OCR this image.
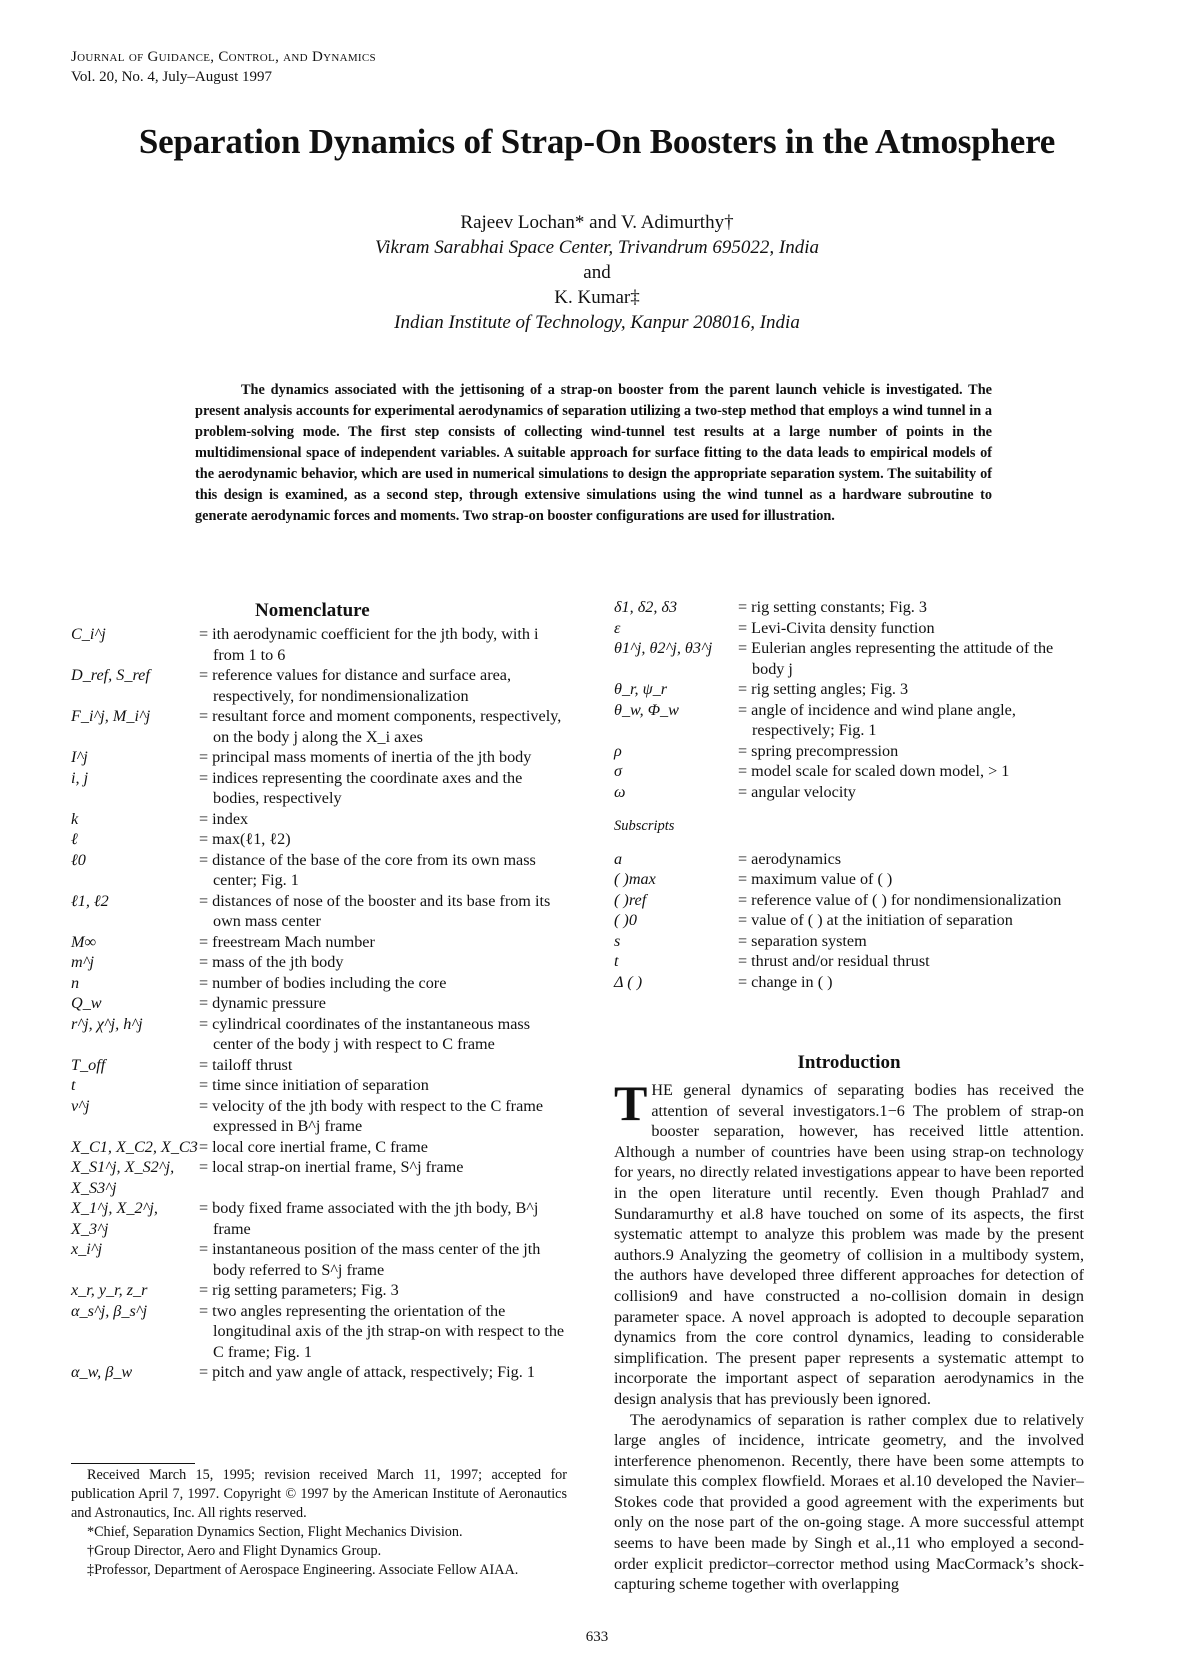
Journal of Guidance, Control, and Dynamics
Vol. 20, No. 4, July–August 1997
Separation Dynamics of Strap-On Boosters in the Atmosphere
Rajeev Lochan* and V. Adimurthy†
Vikram Sarabhai Space Center, Trivandrum 695022, India
and
K. Kumar‡
Indian Institute of Technology, Kanpur 208016, India
The dynamics associated with the jettisoning of a strap-on booster from the parent launch vehicle is investigated. The present analysis accounts for experimental aerodynamics of separation utilizing a two-step method that employs a wind tunnel in a problem-solving mode. The first step consists of collecting wind-tunnel test results at a large number of points in the multidimensional space of independent variables. A suitable approach for surface fitting to the data leads to empirical models of the aerodynamic behavior, which are used in numerical simulations to design the appropriate separation system. The suitability of this design is examined, as a second step, through extensive simulations using the wind tunnel as a hardware subroutine to generate aerodynamic forces and moments. Two strap-on booster configurations are used for illustration.
Nomenclature
C_i^j	= ith aerodynamic coefficient for the jth body, with i from 1 to 6
D_ref, S_ref	= reference values for distance and surface area, respectively, for nondimensionalization
F_i^j, M_i^j	= resultant force and moment components, respectively, on the body j along the X_i axes
I^j	= principal mass moments of inertia of the jth body
i, j	= indices representing the coordinate axes and the bodies, respectively
k	= index
ℓ	= max(ℓ1, ℓ2)
ℓ0	= distance of the base of the core from its own mass center; Fig. 1
ℓ1, ℓ2	= distances of nose of the booster and its base from its own mass center
M∞	= freestream Mach number
m^j	= mass of the jth body
n	= number of bodies including the core
Q_w	= dynamic pressure
r^j, χ^j, h^j	= cylindrical coordinates of the instantaneous mass center of the body j with respect to C frame
T_off	= tailoff thrust
t	= time since initiation of separation
v^j	= velocity of the jth body with respect to the C frame expressed in B^j frame
X_C1, X_C2, X_C3 = local core inertial frame, C frame
X_S1^j, X_S2^j, X_S3^j
= local strap-on inertial frame, S^j frame
X_1^j, X_2^j, X_3^j
= body fixed frame associated with the jth body, B^j frame
x_i^j	= instantaneous position of the mass center of the jth body referred to S^j frame
x_r, y_r, z_r	= rig setting parameters; Fig. 3
α_s^j, β_s^j	= two angles representing the orientation of the longitudinal axis of the jth strap-on with respect to the C frame; Fig. 1
α_w, β_w	= pitch and yaw angle of attack, respectively; Fig. 1
δ1, δ2, δ3	= rig setting constants; Fig. 3
ε	= Levi-Civita density function
θ1^j, θ2^j, θ3^j	= Eulerian angles representing the attitude of the body j
θ_r, ψ_r	= rig setting angles; Fig. 3
θ_w, Φ_w	= angle of incidence and wind plane angle, respectively; Fig. 1
ρ	= spring precompression
σ	= model scale for scaled down model, > 1
ω	= angular velocity
Subscripts
a	= aerodynamics
( )max	= maximum value of ( )
( )ref	= reference value of ( ) for nondimensionalization
( )0	= value of ( ) at the initiation of separation
s	= separation system
t	= thrust and/or residual thrust
Δ ( )	= change in ( )

Received March 15, 1995; revision received March 11, 1997; accepted for publication April 7, 1997. Copyright © 1997 by the American Institute of Aeronautics and Astronautics, Inc. All rights reserved.

*Chief, Separation Dynamics Section, Flight Mechanics Division.

†Group Director, Aero and Flight Dynamics Group.

‡Professor, Department of Aerospace Engineering. Associate Fellow AIAA.

Introduction

THE general dynamics of separating bodies has received the attention of several investigators.1−6 The problem of strap-on booster separation, however, has received little attention. Although a number of countries have been using strap-on technology for years, no directly related investigations appear to have been reported in the open literature until recently. Even though Prahlad7 and Sundaramurthy et al.8 have touched on some of its aspects, the first systematic attempt to analyze this problem was made by the present authors.9 Analyzing the geometry of collision in a multibody system, the authors have developed three different approaches for detection of collision9 and have constructed a no-collision domain in design parameter space. A novel approach is adopted to decouple separation dynamics from the core control dynamics, leading to considerable simplification. The present paper represents a systematic attempt to incorporate the important aspect of separation aerodynamics in the design analysis that has previously been ignored.

The aerodynamics of separation is rather complex due to relatively large angles of incidence, intricate geometry, and the involved interference phenomenon. Recently, there have been some attempts to simulate this complex flowfield. Moraes et al.10 developed the Navier–Stokes code that provided a good agreement with the experiments but only on the nose part of the on-going stage. A more successful attempt seems to have been made by Singh et al.,11 who employed a second-order explicit predictor–corrector method using MacCormack’s shock-capturing scheme together with overlapping

633
